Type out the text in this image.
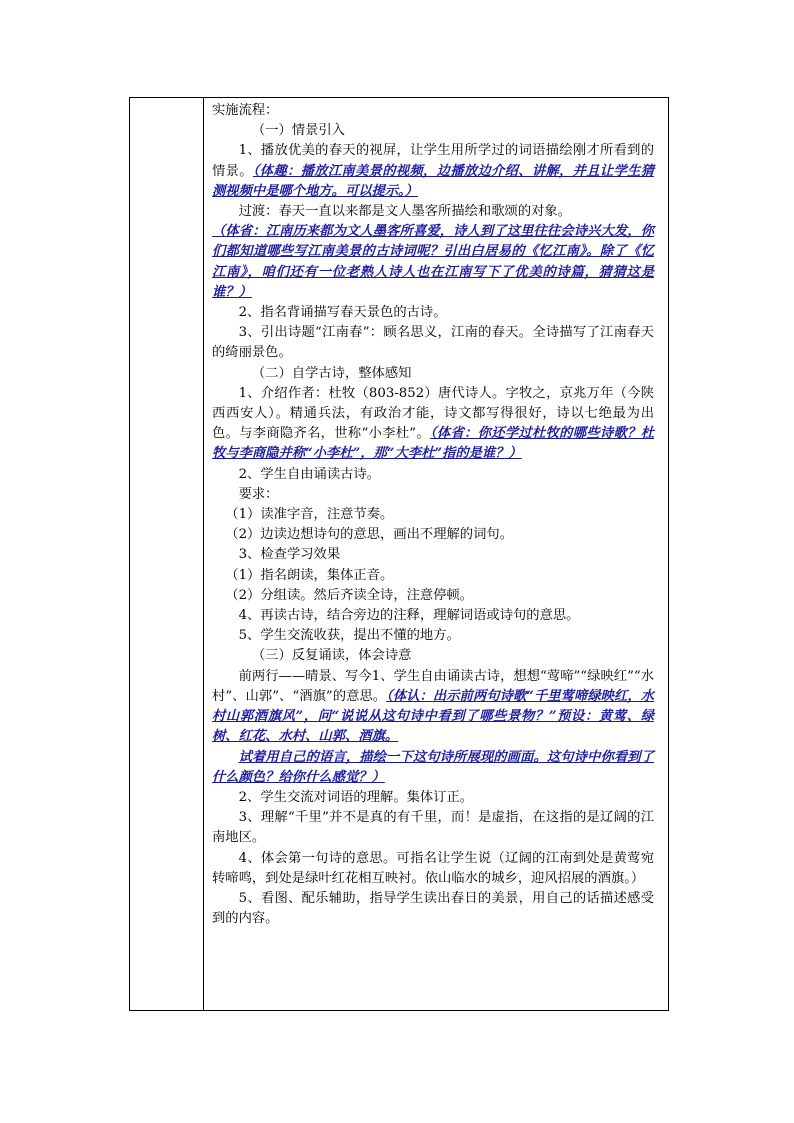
实施流程：

（一）情景引入

1、播放优美的春天的视屏，让学生用所学过的词语描绘刚才所看到的情景。（体趣：播放江南美景的视频，边播放边介绍、讲解，并且让学生猜测视频中是哪个地方。可以提示。）

过渡：春天一直以来都是文人墨客所描绘和歌颂的对象。

（体省：江南历来都为文人墨客所喜爱，诗人到了这里往往会诗兴大发，你们都知道哪些写江南美景的古诗词呢？引出白居易的《忆江南》。除了《忆江南》，咱们还有一位老熟人诗人也在江南写下了优美的诗篇，猜猜这是谁？）

2、指名背诵描写春天景色的古诗。

3、引出诗题“江南春”：顾名思义，江南的春天。全诗描写了江南春天的绮丽景色。

（二）自学古诗，整体感知

1、介绍作者：杜牧（803-852）唐代诗人。字牧之，京兆万年（今陕西西安人）。精通兵法，有政治才能，诗文都写得很好，诗以七绝最为出色。与李商隐齐名，世称“小李杜”。（体省：你还学过杜牧的哪些诗歌？杜牧与李商隐并称“小李杜”，那“大李杜”指的是谁？）

2、学生自由诵读古诗。

要求：

（1）读准字音，注意节奏。

（2）边读边想诗句的意思，画出不理解的词句。

3、检查学习效果

（1）指名朗读，集体正音。

（2）分组读。然后齐读全诗，注意停顿。

4、再读古诗，结合旁边的注释，理解词语或诗句的意思。

5、学生交流收获，提出不懂的地方。

（三）反复诵读，体会诗意

前两行——晴景、写今1、学生自由诵读古诗，想想“莺啼”“绿映红”“水村”、山郭”、“酒旗”的意思。（体认：出示前两句诗歌“千里莺啼绿映红，水村山郭酒旗风”，问“说说从这句诗中看到了哪些景物？”预设：黄莺、绿树、红花、水村、山郭、酒旗。

试着用自己的语言，描绘一下这句诗所展现的画面。这句诗中你看到了什么颜色？给你什么感觉？）

2、学生交流对词语的理解。集体订正。

3、理解“千里”并不是真的有千里，而！是虚指，在这指的是辽阔的江南地区。

4、体会第一句诗的意思。可指名让学生说（辽阔的江南到处是黄莺宛转啼鸣，到处是绿叶红花相互映衬。依山临水的城乡，迎风招展的酒旗。）

5、看图、配乐辅助，指导学生读出春日的美景，用自己的话描述感受到的内容。
